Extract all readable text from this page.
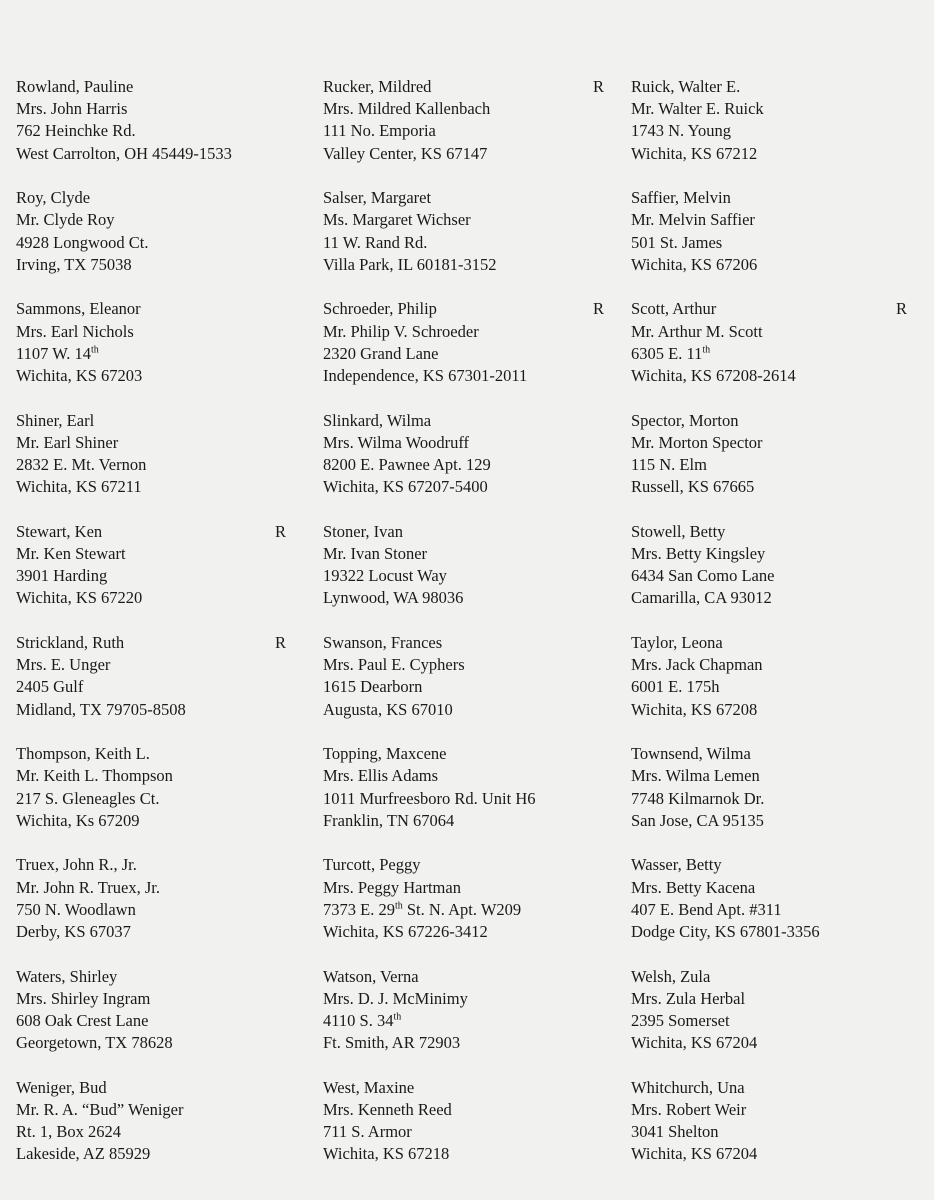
Rowland, Pauline
Mrs. John Harris
762 Heinchke Rd.
West Carrolton, OH 45449-1533
Rucker, Mildred
Mrs. Mildred Kallenbach
111 No. Emporia
Valley Center, KS 67147
R Ruick, Walter E.
Mr. Walter E. Ruick
1743 N. Young
Wichita, KS 67212
Roy, Clyde
Mr. Clyde Roy
4928 Longwood Ct.
Irving, TX 75038
Salser, Margaret
Ms. Margaret Wichser
11 W. Rand Rd.
Villa Park, IL 60181-3152
Saffier, Melvin
Mr. Melvin Saffier
501 St. James
Wichita, KS 67206
Sammons, Eleanor
Mrs. Earl Nichols
1107 W. 14th
Wichita, KS 67203
Schroeder, Philip
Mr. Philip V. Schroeder
2320 Grand Lane
Independence, KS 67301-2011
R Scott, Arthur
Mr. Arthur M. Scott
6305 E. 11th
Wichita, KS 67208-2614
R
Shiner, Earl
Mr. Earl Shiner
2832 E. Mt. Vernon
Wichita, KS 67211
Slinkard, Wilma
Mrs. Wilma Woodruff
8200 E. Pawnee Apt. 129
Wichita, KS 67207-5400
Spector, Morton
Mr. Morton Spector
115 N. Elm
Russell, KS 67665
Stewart, Ken
Mr. Ken Stewart
3901 Harding
Wichita, KS 67220
R Stoner, Ivan
Mr. Ivan Stoner
19322 Locust Way
Lynwood, WA 98036
Stowell, Betty
Mrs. Betty Kingsley
6434 San Como Lane
Camarilla, CA 93012
Strickland, Ruth
Mrs. E. Unger
2405 Gulf
Midland, TX 79705-8508
R Swanson, Frances
Mrs. Paul E. Cyphers
1615 Dearborn
Augusta, KS 67010
Taylor, Leona
Mrs. Jack Chapman
6001 E. 175h
Wichita, KS 67208
Thompson, Keith L.
Mr. Keith L. Thompson
217 S. Gleneagles Ct.
Wichita, Ks 67209
Topping, Maxcene
Mrs. Ellis Adams
1011 Murfreesboro Rd. Unit H6
Franklin, TN 67064
Townsend, Wilma
Mrs. Wilma Lemen
7748 Kilmarnok Dr.
San Jose, CA 95135
Truex, John R., Jr.
Mr. John R. Truex, Jr.
750 N. Woodlawn
Derby, KS 67037
Turcott, Peggy
Mrs. Peggy Hartman
7373 E. 29th St. N. Apt. W209
Wichita, KS 67226-3412
Wasser, Betty
Mrs. Betty Kacena
407 E. Bend Apt. #311
Dodge City, KS 67801-3356
Waters, Shirley
Mrs. Shirley Ingram
608 Oak Crest Lane
Georgetown, TX 78628
Watson, Verna
Mrs. D. J. McMinimy
4110 S. 34th
Ft. Smith, AR 72903
Welsh, Zula
Mrs. Zula Herbal
2395 Somerset
Wichita, KS 67204
Weniger, Bud
Mr. R. A. “Bud” Weniger
Rt. 1, Box 2624
Lakeside, AZ 85929
West, Maxine
Mrs. Kenneth Reed
711 S. Armor
Wichita, KS 67218
Whitchurch, Una
Mrs. Robert Weir
3041 Shelton
Wichita, KS 67204
